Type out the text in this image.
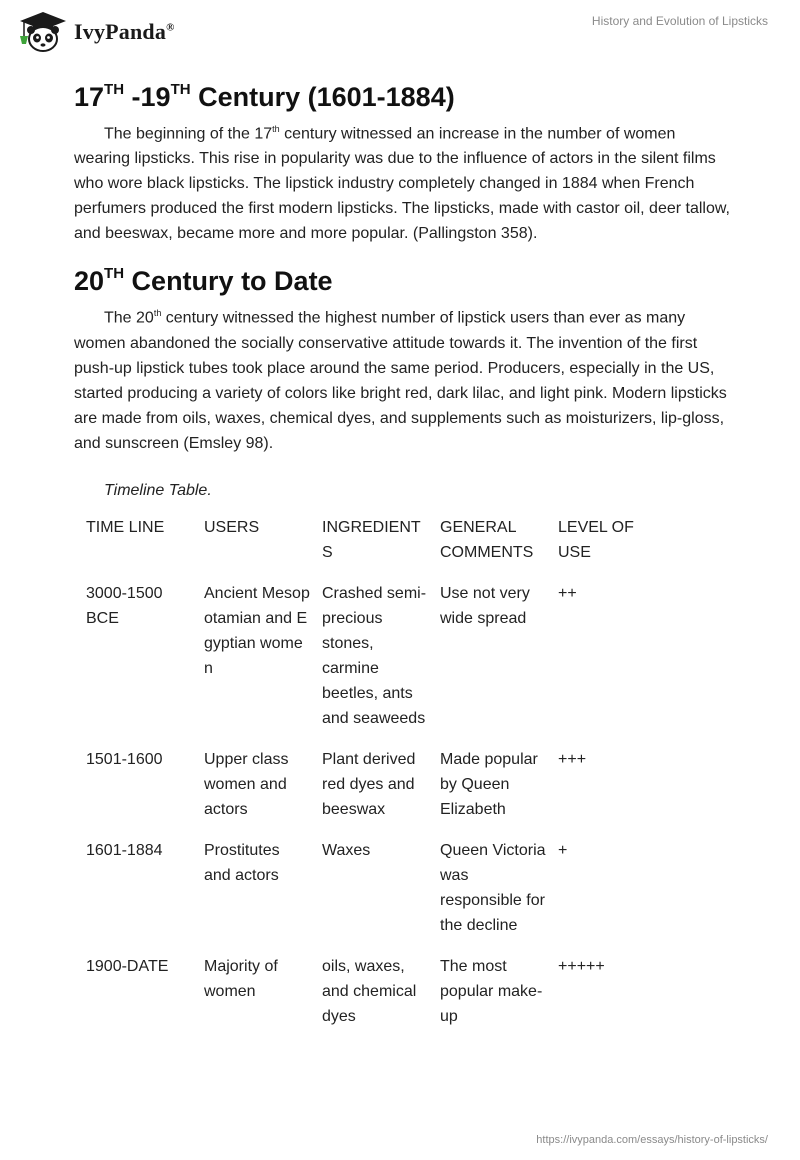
IvyPanda®	History and Evolution of Lipsticks
17TH -19TH Century (1601-1884)

The beginning of the 17th century witnessed an increase in the number of women wearing lipsticks. This rise in popularity was due to the influence of actors in the silent films who wore black lipsticks. The lipstick industry completely changed in 1884 when French perfumers produced the first modern lipsticks. The lipsticks, made with castor oil, deer tallow, and beeswax, became more and more popular. (Pallingston 358).

20TH Century to Date

The 20th century witnessed the highest number of lipstick users than ever as many women abandoned the socially conservative attitude towards it. The invention of the first push-up lipstick tubes took place around the same period. Producers, especially in the US, started producing a variety of colors like bright red, dark lilac, and light pink. Modern lipsticks are made from oils, waxes, chemical dyes, and supplements such as moisturizers, lip-gloss, and sunscreen (Emsley 98).

Timeline Table.
TIME LINE	USERS	INGREDIENTS	GENERAL COMMENTS	LEVEL OF USE
3000-1500 BCE	Ancient Mesopotamian and Egyptian women	Crashed semi-precious stones, carmine beetles, ants and seaweeds	Use not very wide spread	++
1501-1600	Upper class women and actors	Plant derived red dyes and beeswax	Made popular by Queen Elizabeth	+++
1601-1884	Prostitutes and actors	Waxes	Queen Victoria was responsible for the decline	+
1900-DATE	Majority of women	oils, waxes, and chemical dyes	The most popular make-up	+++++
https://ivypanda.com/essays/history-of-lipsticks/
